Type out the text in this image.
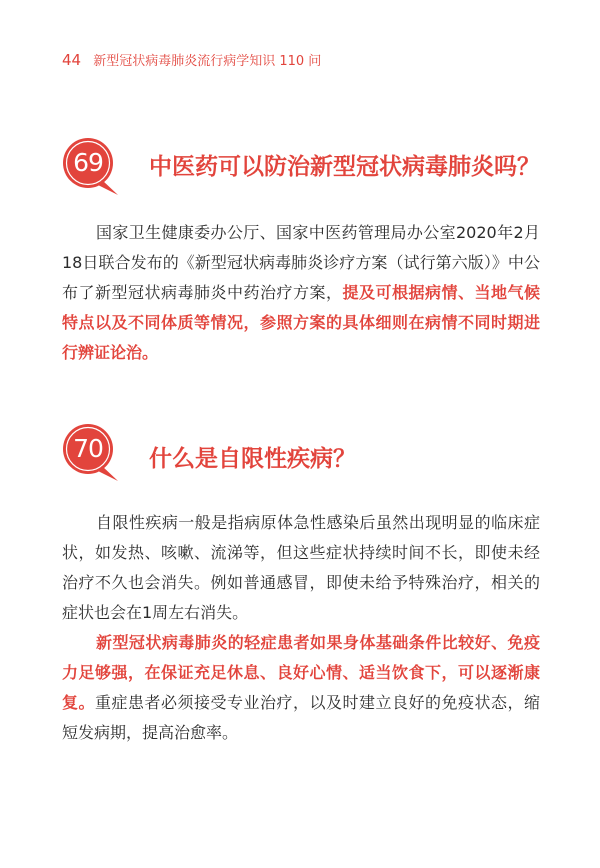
44 新型冠状病毒肺炎流行病学知识 110 问
69	中医药可以防治新型冠状病毒肺炎吗？
国家卫生健康委办公厅、国家中医药管理局办公室2020年2月18日联合发布的《新型冠状病毒肺炎诊疗方案（试行第六版）》中公布了新型冠状病毒肺炎中药治疗方案，提及可根据病情、当地气候特点以及不同体质等情况，参照方案的具体细则在病情不同时期进行辨证论治。
70	什么是自限性疾病？
自限性疾病一般是指病原体急性感染后虽然出现明显的临床症状，如发热、咳嗽、流涕等，但这些症状持续时间不长，即使未经治疗不久也会消失。例如普通感冒，即使未给予特殊治疗，相关的症状也会在1周左右消失。
新型冠状病毒肺炎的轻症患者如果身体基础条件比较好、免疫力足够强，在保证充足休息、良好心情、适当饮食下，可以逐渐康复。重症患者必须接受专业治疗，以及时建立良好的免疫状态，缩短发病期，提高治愈率。
